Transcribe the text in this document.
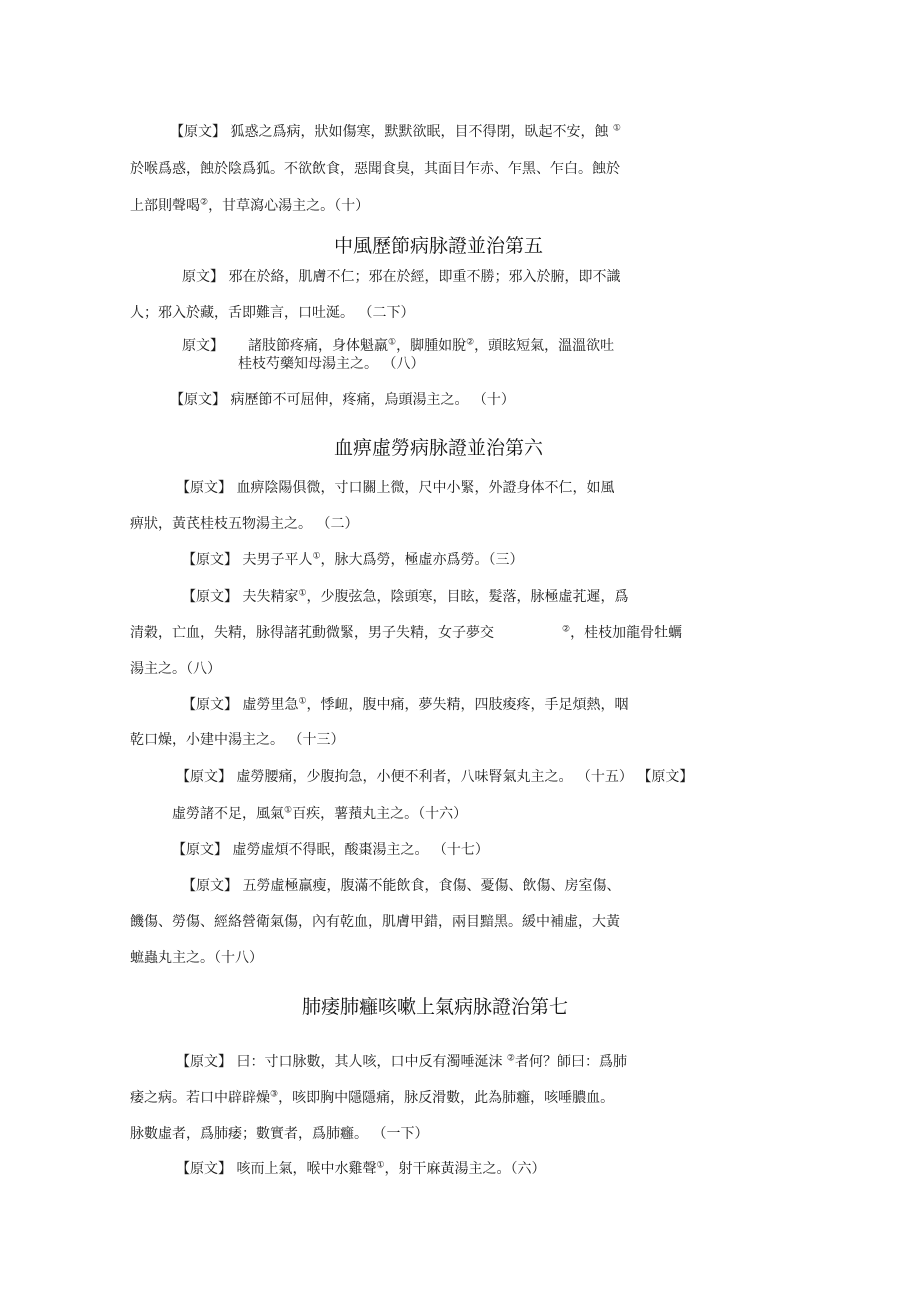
【原文】 狐惑之爲病，狀如傷寒，默默欲眠，目不得閉，臥起不安，蝕 ①
於喉爲惑，蝕於陰爲狐。不欲飲食，惡聞食臭，其面目乍赤、乍黑、乍白。蝕於
上部則聲喝②，甘草瀉心湯主之。（十）
中風歷節病脉證並治第五
原文】 邪在於絡，肌膚不仁；邪在於經，即重不勝；邪入於腑，即不識
人；邪入於藏，舌即難言，口吐涎。 （二下）
原文】 諸肢節疼痛，身体魁羸①，脚腫如脫②，頭眩短氣，溫溫欲吐
桂枝芍藥知母湯主之。 （八）
【原文】 病歷節不可屈伸，疼痛，烏頭湯主之。 （十）
血痹虛勞病脉證並治第六
【原文】 血痹陰陽俱微，寸口關上微，尺中小緊，外證身体不仁，如風
痹狀，黃芪桂枝五物湯主之。 （二）
【原文】 夫男子平人①，脉大爲勞，極虛亦爲勞。（三）
【原文】 夫失精家①，少腹弦急，陰頭寒，目眩，髮落，脉極虛芤遲，爲
清穀，亡血，失精，脉得諸芤動微緊，男子失精，女子夢交	②，桂枝加龍骨牡蠣
湯主之。（八）
【原文】 虛勞里急①，悸衄，腹中痛，夢失精，四肢痠疼，手足煩熱，咽
乾口燥，小建中湯主之。 （十三）
【原文】 虛勞腰痛，少腹拘急，小便不利者，八味腎氣丸主之。 （十五） 【原文】
虛勞諸不足，風氣①百疾，薯蕷丸主之。（十六）
【原文】 虛勞虛煩不得眠，酸棗湯主之。 （十七）
【原文】 五勞虛極羸瘦，腹滿不能飲食，食傷、憂傷、飲傷、房室傷、
饑傷、勞傷、經絡營衛氣傷，內有乾血，肌膚甲錯，兩目黯黑。緩中補虛，大黃
蟅蟲丸主之。（十八）
肺痿肺癰咳嗽上氣病脉證治第七
【原文】 曰：寸口脉數，其人咳，口中反有濁唾涎沫 ②者何？師曰：爲肺
痿之病。若口中辟辟燥③，咳即胸中隱隱痛，脉反滑數，此為肺癰，咳唾膿血。
脉數虛者，爲肺痿；數實者，爲肺癰。 （一下）
【原文】 咳而上氣，喉中水雞聲①，射干麻黃湯主之。（六）
